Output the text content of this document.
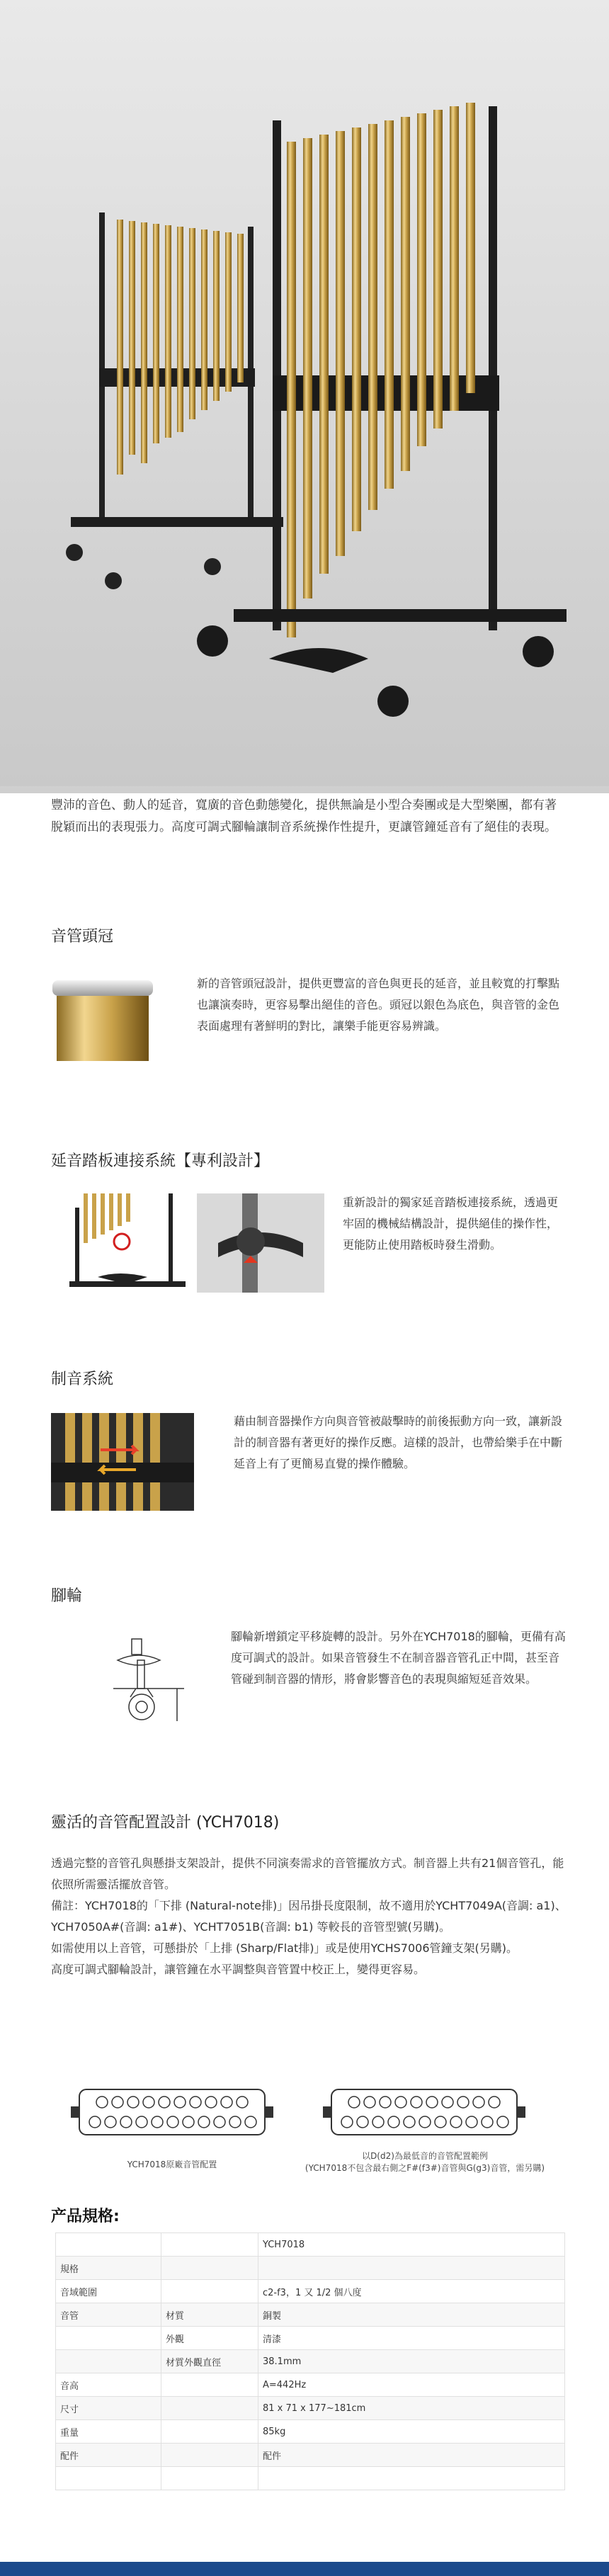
豐沛的音色、動人的延音，寬廣的音色動態變化，提供無論是小型合奏團或是大型樂團，都有著脫穎而出的表現張力。高度可調式腳輪讓制音系統操作性提升，更讓管鐘延音有了絕佳的表現。
音管頭冠
新的音管頭冠設計，提供更豐富的音色與更長的延音，並且較寬的打擊點也讓演奏時，更容易擊出絕佳的音色。頭冠以銀色為底色，與音管的金色表面處理有著鮮明的對比，讓樂手能更容易辨識。
延音踏板連接系統【專利設計】
重新設計的獨家延音踏板連接系統，透過更牢固的機械結構設計，提供絕佳的操作性，更能防止使用踏板時發生滑動。
制音系統
藉由制音器操作方向與音管被敲擊時的前後振動方向一致，讓新設計的制音器有著更好的操作反應。這樣的設計，也帶給樂手在中斷延音上有了更簡易直覺的操作體驗。
腳輪
腳輪新增鎖定平移旋轉的設計。另外在YCH7018的腳輪，更備有高度可調式的設計。如果音管發生不在制音器音管孔正中間，甚至音管碰到制音器的情形，將會影響音色的表現與縮短延音效果。
靈活的音管配置設計 (YCH7018)
透過完整的音管孔與懸掛支架設計，提供不同演奏需求的音管擺放方式。制音器上共有21個音管孔，能依照所需靈活擺放音管。
備註：YCH7018的「下排 (Natural-note排)」因吊掛長度限制，故不適用於YCHT7049A(音調: a1)、YCH7050A#(音調: a1#)、YCHT7051B(音調: b1) 等較長的音管型號(另購)。
如需使用以上音管，可懸掛於「上排 (Sharp/Flat排)」或是使用YCHS7006管鐘支架(另購)。
高度可調式腳輪設計，讓管鐘在水平調整與音管置中校正上，變得更容易。
YCH7018原廠音管配置
以D(d2)為最低音的音管配置範例
(YCH7018不包含最右側之F#(f3#)音管與G(g3)音管，需另購)
产品規格:
		YCH7018
規格		
音域範圍		c2-f3，1 又 1/2 個八度
音管	材質	銅製
	外觀	清漆
	材質外觀直徑	38.1mm
音高		A=442Hz
尺寸		81 x 71 x 177~181cm
重量		85kg
配件		配件
